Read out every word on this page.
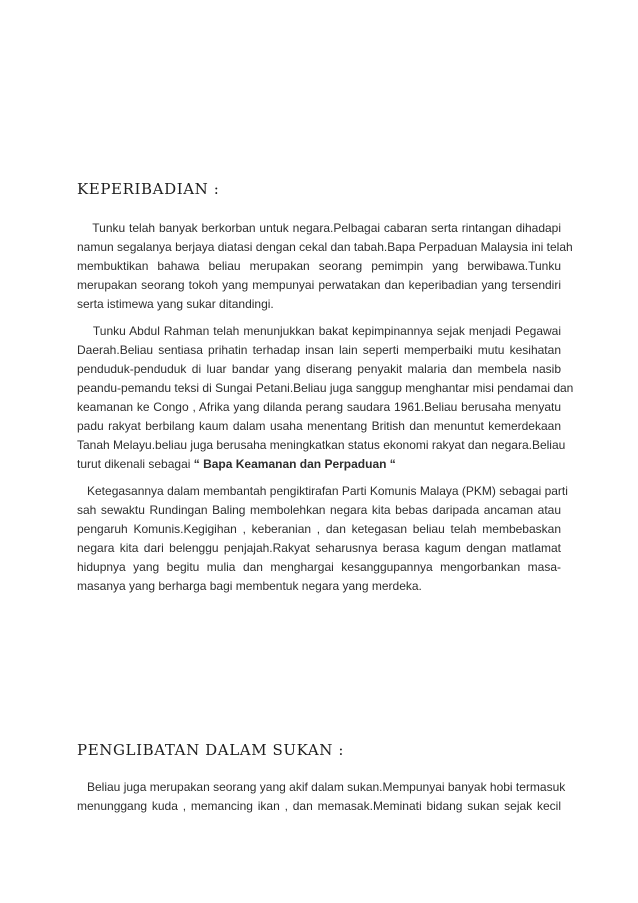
KEPERIBADIAN :
Tunku telah banyak berkorban untuk negara.Pelbagai cabaran serta rintangan dihadapi
namun segalanya berjaya diatasi dengan cekal dan tabah.Bapa Perpaduan Malaysia ini telah
membuktikan bahawa beliau merupakan seorang pemimpin yang berwibawa.Tunku
merupakan seorang tokoh yang mempunyai perwatakan dan keperibadian yang tersendiri
serta istimewa yang sukar ditandingi.
Tunku Abdul Rahman telah menunjukkan bakat kepimpinannya sejak menjadi Pegawai
Daerah.Beliau sentiasa prihatin terhadap insan lain seperti memperbaiki mutu kesihatan
penduduk-penduduk di luar bandar yang diserang penyakit malaria dan membela nasib
peandu-pemandu teksi di Sungai Petani.Beliau juga sanggup menghantar misi pendamai dan
keamanan ke Congo , Afrika yang dilanda perang saudara 1961.Beliau berusaha menyatu
padu rakyat berbilang kaum dalam usaha menentang British dan menuntut kemerdekaan
Tanah Melayu.beliau juga berusaha meningkatkan status ekonomi rakyat dan negara.Beliau
turut dikenali sebagai “ Bapa Keamanan dan Perpaduan “
Ketegasannya dalam membantah pengiktirafan Parti Komunis Malaya (PKM) sebagai parti
sah sewaktu Rundingan Baling membolehkan negara kita bebas daripada ancaman atau
pengaruh Komunis.Kegigihan , keberanian , dan ketegasan beliau telah membebaskan
negara kita dari belenggu penjajah.Rakyat seharusnya berasa kagum dengan matlamat
hidupnya yang begitu mulia dan menghargai kesanggupannya mengorbankan masa-
masanya yang berharga bagi membentuk negara yang merdeka.
PENGLIBATAN DALAM SUKAN :
Beliau juga merupakan seorang yang akif dalam sukan.Mempunyai banyak hobi termasuk
menunggang kuda , memancing ikan , dan memasak.Meminati bidang sukan sejak kecil
